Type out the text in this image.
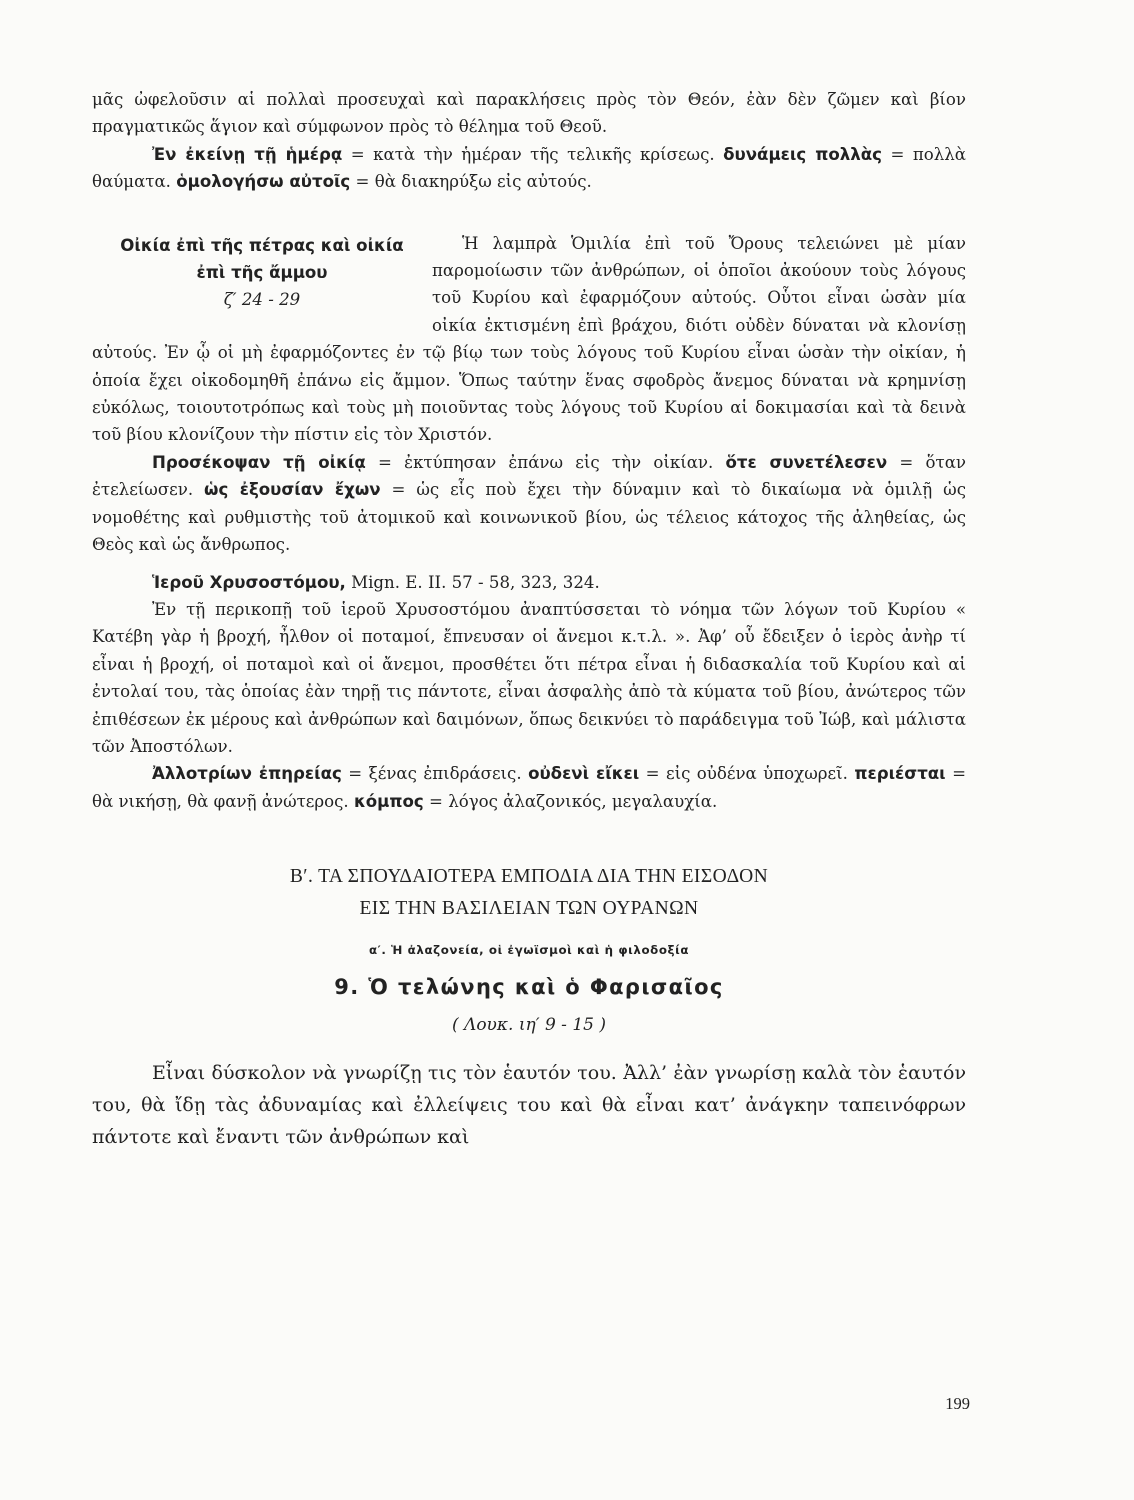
μᾶς ὠφελοῦσιν αἱ πολλαὶ προσευχαὶ καὶ παρακλήσεις πρὸς τὸν Θεόν, ἐὰν δὲν ζῶμεν καὶ βίον πραγματικῶς ἅγιον καὶ σύμφωνον πρὸς τὸ θέλημα τοῦ Θεοῦ.

Ἐν ἐκείνῃ τῇ ἡμέρᾳ = κατὰ τὴν ἡμέραν τῆς τελικῆς κρίσεως. δυνάμεις πολλὰς = πολλὰ θαύματα. ὁμολογήσω αὐτοῖς = θὰ διακηρύξω εἰς αὐτούς.

Οἰκία ἐπὶ τῆς πέτρας καὶ οἰκία
ἐπὶ τῆς ἄμμου
ζ′ 24 - 29

Ἡ λαμπρὰ Ὁμιλία ἐπὶ τοῦ Ὄρους τελειώνει μὲ μίαν παρομοίωσιν τῶν ἀνθρώπων, οἱ ὁποῖοι ἀκούουν τοὺς λόγους τοῦ Κυρίου καὶ ἐφαρμόζουν αὐτούς. Οὗτοι εἶναι ὡσὰν μία οἰκία ἐκτισμένη ἐπὶ βράχου, διότι οὐδὲν δύναται νὰ κλονίσῃ αὐτούς. Ἐν ᾧ οἱ μὴ ἐφαρμόζοντες ἐν τῷ βίῳ των τοὺς λόγους τοῦ Κυρίου εἶναι ὡσὰν τὴν οἰκίαν, ἡ ὁποία ἔχει οἰκοδομηθῆ ἐπάνω εἰς ἄμμον. Ὅπως ταύτην ἕνας σφοδρὸς ἄνεμος δύναται νὰ κρημνίσῃ εὐκόλως, τοιουτοτρόπως καὶ τοὺς μὴ ποιοῦντας τοὺς λόγους τοῦ Κυρίου αἱ δοκιμασίαι καὶ τὰ δεινὰ τοῦ βίου κλονίζουν τὴν πίστιν εἰς τὸν Χριστόν.

Προσέκοψαν τῇ οἰκίᾳ = ἐκτύπησαν ἐπάνω εἰς τὴν οἰκίαν. ὅτε συνετέλεσεν = ὅταν ἐτελείωσεν. ὡς ἐξουσίαν ἔχων = ὡς εἷς ποὺ ἔχει τὴν δύναμιν καὶ τὸ δικαίωμα νὰ ὁμιλῇ ὡς νομοθέτης καὶ ρυθμιστὴς τοῦ ἀτομικοῦ καὶ κοινωνικοῦ βίου, ὡς τέλειος κάτοχος τῆς ἀληθείας, ὡς Θεὸς καὶ ὡς ἄνθρωπος.

Ἱεροῦ Χρυσοστόμου, Mign. E. II. 57 - 58, 323, 324.

Ἐν τῇ περικοπῇ τοῦ ἱεροῦ Χρυσοστόμου ἀναπτύσσεται τὸ νόημα τῶν λόγων τοῦ Κυρίου « Κατέβη γὰρ ἡ βροχή, ἦλθον οἱ ποταμοί, ἔπνευσαν οἱ ἄνεμοι κ.τ.λ. ». Ἀφ’ οὗ ἔδειξεν ὁ ἱερὸς ἀνὴρ τί εἶναι ἡ βροχή, οἱ ποταμοὶ καὶ οἱ ἄνεμοι, προσθέτει ὅτι πέτρα εἶναι ἡ διδασκαλία τοῦ Κυρίου καὶ αἱ ἐντολαί του, τὰς ὁποίας ἐὰν τηρῇ τις πάντοτε, εἶναι ἀσφαλὴς ἀπὸ τὰ κύματα τοῦ βίου, ἀνώτερος τῶν ἐπιθέσεων ἐκ μέρους καὶ ἀνθρώπων καὶ δαιμόνων, ὅπως δεικνύει τὸ παράδειγμα τοῦ Ἰώβ, καὶ μάλιστα τῶν Ἀποστόλων.

Ἀλλοτρίων ἐπηρείας = ξένας ἐπιδράσεις. οὐδενὶ εἴκει = εἰς οὐδένα ὑποχωρεῖ. περιέσται = θὰ νικήσῃ, θὰ φανῇ ἀνώτερος. κόμπος = λόγος ἀλαζονικός, μεγαλαυχία.

Β′. ΤΑ ΣΠΟΥΔΑΙΟΤΕΡΑ ΕΜΠΟΔΙΑ ΔΙΑ ΤΗΝ ΕΙΣΟΔΟΝ
ΕΙΣ ΤΗΝ ΒΑΣΙΛΕΙΑΝ ΤΩΝ ΟΥΡΑΝΩΝ
α′. Ἡ ἀλαζονεία, οἱ ἐγωϊσμοὶ καὶ ἡ φιλοδοξία
9. Ὁ τελώνης καὶ ὁ Φαρισαῖος
( Λουκ. ιη′ 9 - 15 )

Εἶναι δύσκολον νὰ γνωρίζῃ τις τὸν ἑαυτόν του. Ἀλλ’ ἐὰν γνωρίσῃ καλὰ τὸν ἑαυτόν του, θὰ ἴδῃ τὰς ἀδυναμίας καὶ ἐλλείψεις του καὶ θὰ εἶναι κατ’ ἀνάγκην ταπεινόφρων πάντοτε καὶ ἔναντι τῶν ἀνθρώπων καὶ

199
